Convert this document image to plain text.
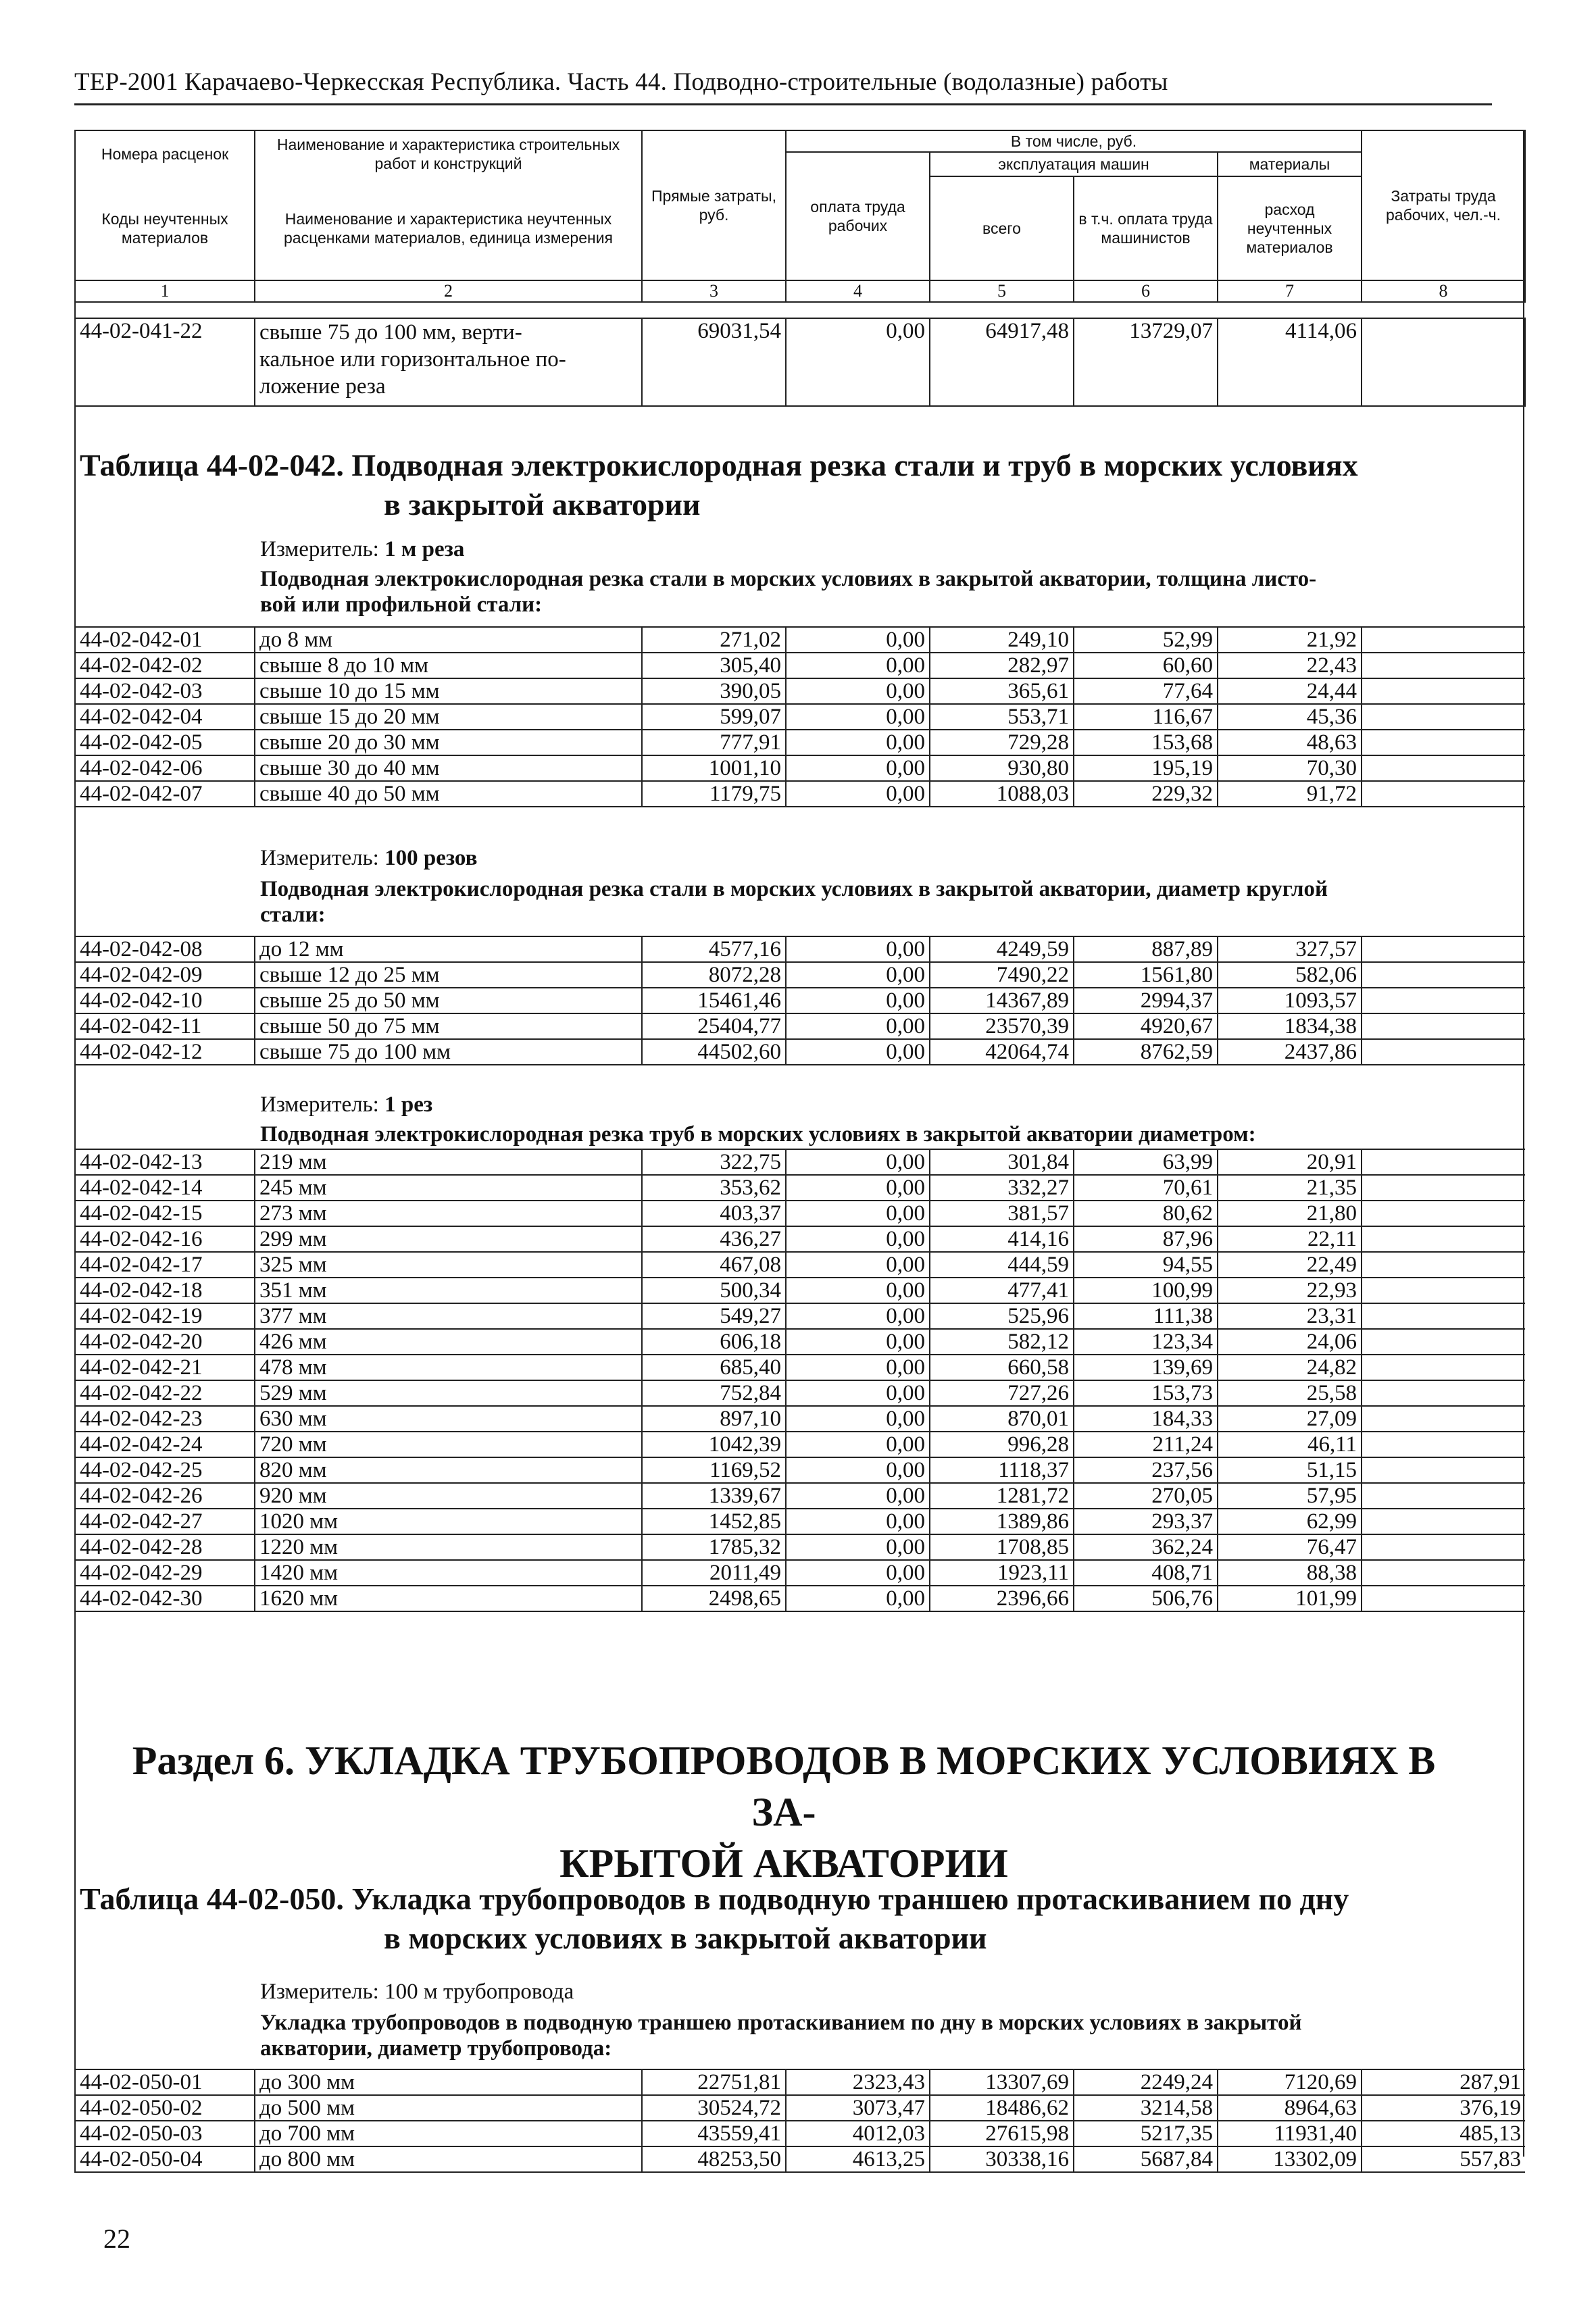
ТЕР-2001 Карачаево-Черкесская Республика. Часть 44. Подводно-строительные (водолазные) работы
Номера расценок	Наименование и характеристика строительных работ и конструкций	Прямые затраты, руб.	В том числе, руб.				Затраты труда рабочих, чел.-ч.
			оплата труда рабочих	эксплуатация машин		материалы	
Коды неучтенных материалов	Наименование и характеристика неучтенных расценками материалов, единица измерения			всего	в т.ч. оплата труда машинистов	расход неучтенных материалов	

1	2	3	4	5	6	7	8
44-02-041-22	свыше 75 до 100 мм, верти-
кальное или горизонтальное по-
ложение реза
	69031,54	0,00	64917,48	13729,07	4114,06	
Таблица 44-02-042. Подводная электрокислородная резка стали и труб в морских условиях
в закрытой акватории
Измеритель: 1 м реза
Подводная электрокислородная резка стали в морских условиях в закрытой акватории, толщина листо-
вой или профильной стали:
44-02-042-01	до 8 мм	271,02	0,00	249,10	52,99	21,92	
44-02-042-02	свыше 8 до 10 мм	305,40	0,00	282,97	60,60	22,43	
44-02-042-03	свыше 10 до 15 мм	390,05	0,00	365,61	77,64	24,44	
44-02-042-04	свыше 15 до 20 мм	599,07	0,00	553,71	116,67	45,36	
44-02-042-05	свыше 20 до 30 мм	777,91	0,00	729,28	153,68	48,63	
44-02-042-06	свыше 30 до 40 мм	1001,10	0,00	930,80	195,19	70,30	
44-02-042-07	свыше 40 до 50 мм	1179,75	0,00	1088,03	229,32	91,72	
Измеритель: 100 резов
Подводная электрокислородная резка стали в морских условиях в закрытой акватории, диаметр круглой
стали:
44-02-042-08	до 12 мм	4577,16	0,00	4249,59	887,89	327,57	
44-02-042-09	свыше 12 до 25 мм	8072,28	0,00	7490,22	1561,80	582,06	
44-02-042-10	свыше 25 до 50 мм	15461,46	0,00	14367,89	2994,37	1093,57	
44-02-042-11	свыше 50 до 75 мм	25404,77	0,00	23570,39	4920,67	1834,38	
44-02-042-12	свыше 75 до 100 мм	44502,60	0,00	42064,74	8762,59	2437,86	
Измеритель: 1 рез
Подводная электрокислородная резка труб в морских условиях в закрытой акватории диаметром:
44-02-042-13	219 мм	322,75	0,00	301,84	63,99	20,91	
44-02-042-14	245 мм	353,62	0,00	332,27	70,61	21,35	
44-02-042-15	273 мм	403,37	0,00	381,57	80,62	21,80	
44-02-042-16	299 мм	436,27	0,00	414,16	87,96	22,11	
44-02-042-17	325 мм	467,08	0,00	444,59	94,55	22,49	
44-02-042-18	351 мм	500,34	0,00	477,41	100,99	22,93	
44-02-042-19	377 мм	549,27	0,00	525,96	111,38	23,31	
44-02-042-20	426 мм	606,18	0,00	582,12	123,34	24,06	
44-02-042-21	478 мм	685,40	0,00	660,58	139,69	24,82	
44-02-042-22	529 мм	752,84	0,00	727,26	153,73	25,58	
44-02-042-23	630 мм	897,10	0,00	870,01	184,33	27,09	
44-02-042-24	720 мм	1042,39	0,00	996,28	211,24	46,11	
44-02-042-25	820 мм	1169,52	0,00	1118,37	237,56	51,15	
44-02-042-26	920 мм	1339,67	0,00	1281,72	270,05	57,95	
44-02-042-27	1020 мм	1452,85	0,00	1389,86	293,37	62,99	
44-02-042-28	1220 мм	1785,32	0,00	1708,85	362,24	76,47	
44-02-042-29	1420 мм	2011,49	0,00	1923,11	408,71	88,38	
44-02-042-30	1620 мм	2498,65	0,00	2396,66	506,76	101,99	
Раздел 6. УКЛАДКА ТРУБОПРОВОДОВ В МОРСКИХ УСЛОВИЯХ В ЗА-
КРЫТОЙ АКВАТОРИИ
Таблица 44-02-050. Укладка трубопроводов в подводную траншею протаскиванием по дну
в морских условиях в закрытой акватории
Измеритель: 100 м трубопровода
Укладка трубопроводов в подводную траншею протаскиванием по дну в морских условиях в закрытой
акватории, диаметр трубопровода:
44-02-050-01	до 300 мм	22751,81	2323,43	13307,69	2249,24	7120,69	287,91
44-02-050-02	до 500 мм	30524,72	3073,47	18486,62	3214,58	8964,63	376,19
44-02-050-03	до 700 мм	43559,41	4012,03	27615,98	5217,35	11931,40	485,13
44-02-050-04	до 800 мм	48253,50	4613,25	30338,16	5687,84	13302,09	557,83
22
